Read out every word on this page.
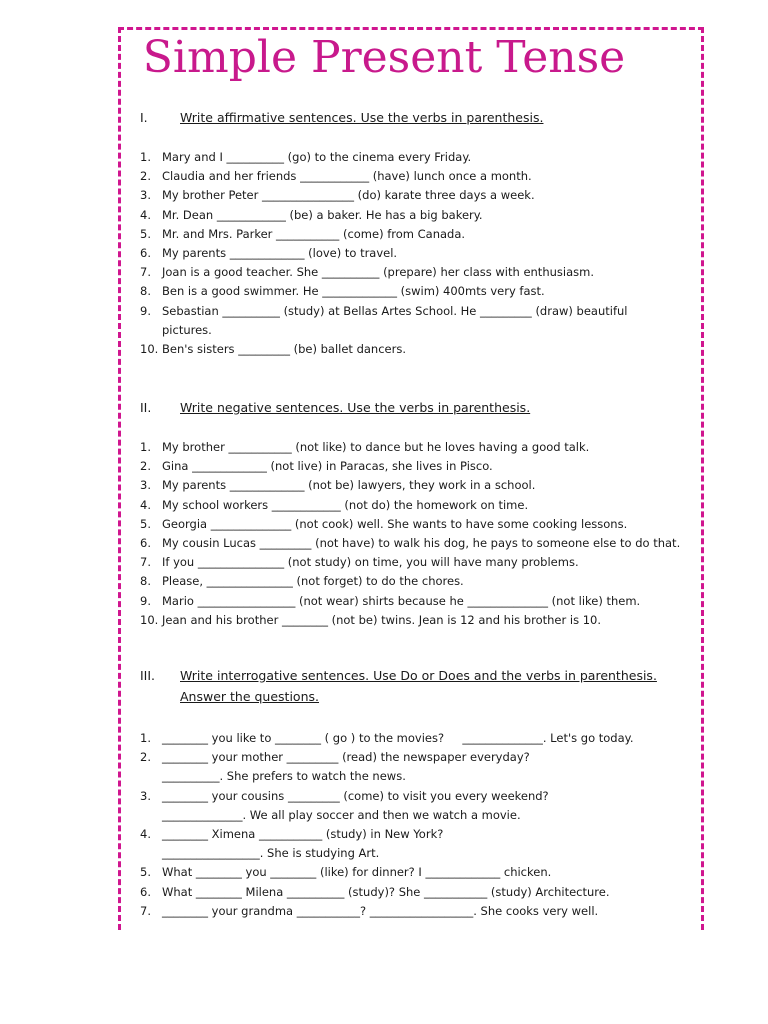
Simple Present Tense
I.	Write affirmative sentences. Use the verbs in parenthesis.
1. Mary and I __________ (go) to the cinema every Friday.
2. Claudia and her friends ____________ (have) lunch once a month.
3. My brother Peter ________________ (do) karate three days a week.
4. Mr. Dean ____________ (be) a baker. He has a big bakery.
5. Mr. and Mrs. Parker ___________ (come) from Canada.
6. My parents _____________ (love) to travel.
7. Joan is a good teacher. She __________ (prepare) her class with enthusiasm.
8. Ben is a good swimmer. He _____________ (swim) 400mts very fast.
9. Sebastian __________ (study) at Bellas Artes School. He _________ (draw) beautiful
pictures.
10. Ben's sisters _________ (be) ballet dancers.
II. Write negative sentences. Use the verbs in parenthesis.
1. My brother ___________ (not like) to dance but he loves having a good talk.
2. Gina _____________ (not live) in Paracas, she lives in Pisco.
3. My parents _____________ (not be) lawyers, they work in a school.
4. My school workers ____________ (not do) the homework on time.
5. Georgia ______________ (not cook) well. She wants to have some cooking lessons.
6. My cousin Lucas _________ (not have) to walk his dog, he pays to someone else to do that.
7. If you _______________ (not study) on time, you will have many problems.
8. Please, _______________ (not forget) to do the chores.
9. Mario _________________ (not wear) shirts because he ______________ (not like) them.
10. Jean and his brother ________ (not be) twins. Jean is 12 and his brother is 10.
III. Write interrogative sentences. Use Do or Does and the verbs in parenthesis.
Answer the questions.
1. ________ you like to ________ ( go ) to the movies?     ______________. Let's go today.
2. ________ your mother _________ (read) the newspaper everyday?
__________. She prefers to watch the news.
3. ________ your cousins _________ (come) to visit you every weekend?
______________. We all play soccer and then we watch a movie.
4. ________ Ximena ___________ (study) in New York?
_________________. She is studying Art.
5. What ________ you ________ (like) for dinner? I _____________ chicken.
6. What ________ Milena __________ (study)? She ___________ (study) Architecture.
7. ________ your grandma ___________? __________________. She cooks very well.
